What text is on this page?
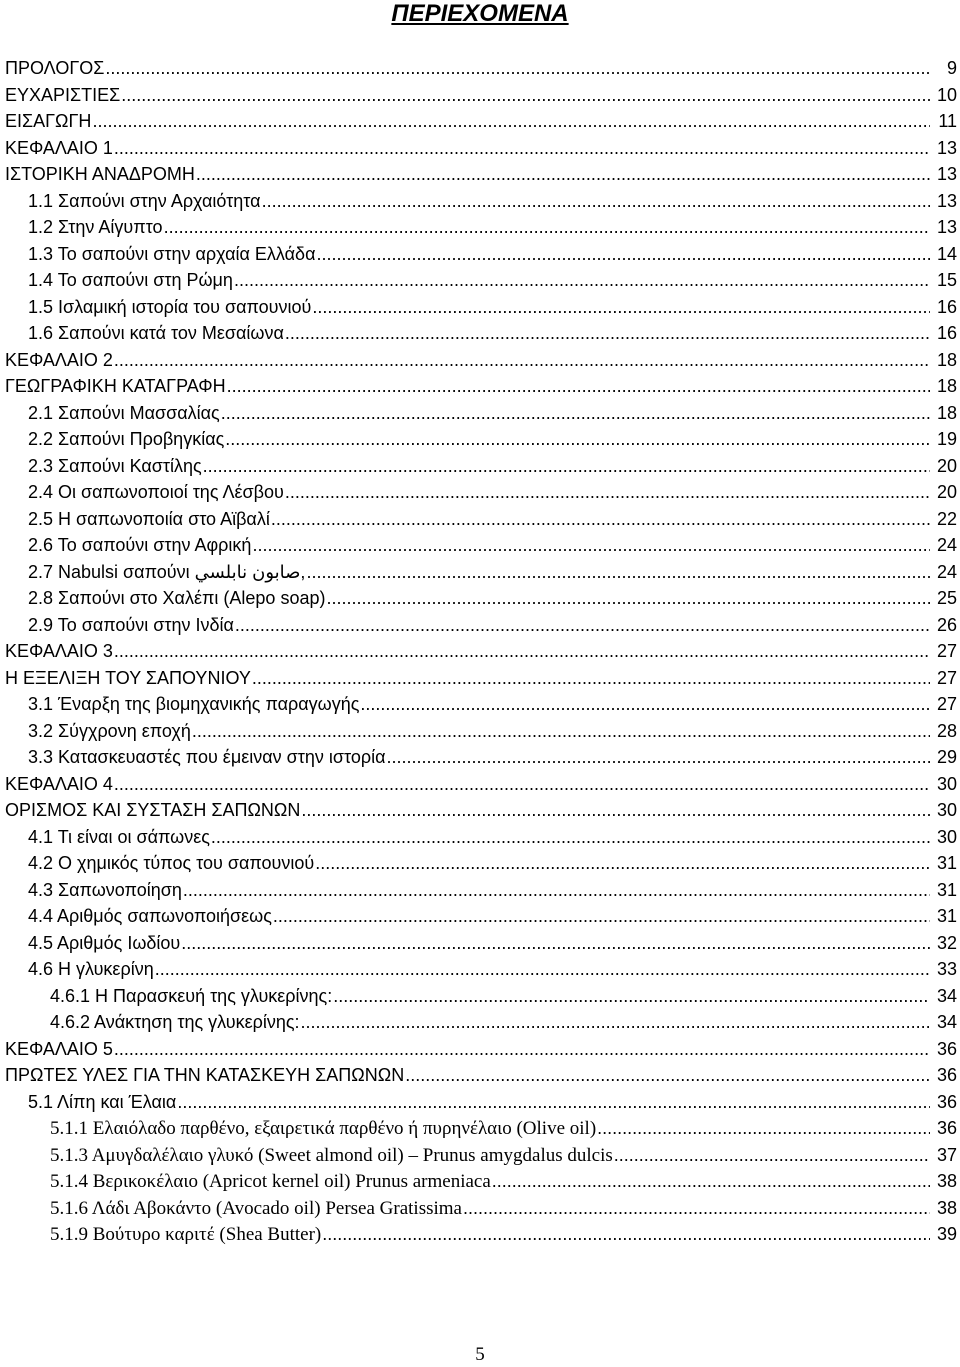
ΠΕΡΙΕΧΟΜΕΝΑ
ΠΡΟΛΟΓΟΣ .....	9
ΕΥΧΑΡΙΣΤΙΕΣ .....	10
ΕΙΣΑΓΩΓΗ .....	11
ΚΕΦΑΛΑΙΟ 1 .....	13
ΙΣΤΟΡΙΚΗ ΑΝΑΔΡΟΜΗ .....	13
1.1 Σαπούνι στην Αρχαιότητα .....	13
1.2 Στην Αίγυπτο .....	13
1.3 Το σαπούνι στην αρχαία Ελλάδα .....	14
1.4 Το σαπούνι στη Ρώμη .....	15
1.5 Ισλαμική ιστορία του σαπουνιού .....	16
1.6 Σαπούνι κατά τον Μεσαίωνα .....	16
ΚΕΦΑΛΑΙΟ 2 .....	18
ΓΕΩΓΡΑΦΙΚΗ ΚΑΤΑΓΡΑΦΗ .....	18
2.1 Σαπούνι Μασσαλίας .....	18
2.2 Σαπούνι Προβηγκίας .....	19
2.3 Σαπούνι Καστίλης .....	20
2.4 Οι σαπωνοποιοί της Λέσβου .....	20
2.5 Η σαπωνοποιία στο Αϊβαλί .....	22
2.6 Το σαπούνι στην Αφρική .....	24
2.7 Nabulsi σαπούνι صابون نابلسي, .....	24
2.8 Σαπούνι στο Χαλέπι (Alepo soap) .....	25
2.9 Το σαπούνι στην Ινδία .....	26
ΚΕΦΑΛΑΙΟ 3 .....	27
Η ΕΞΕΛΙΞΗ ΤΟΥ ΣΑΠΟΥΝΙΟΥ .....	27
3.1 Έναρξη της βιομηχανικής παραγωγής .....	27
3.2 Σύγχρονη εποχή .....	28
3.3 Κατασκευαστές που έμειναν στην ιστορία .....	29
ΚΕΦΑΛΑΙΟ 4 .....	30
ΟΡΙΣΜΟΣ ΚΑΙ ΣΥΣΤΑΣΗ ΣΑΠΩΝΩΝ .....	30
4.1 Τι είναι οι σάπωνες .....	30
4.2 Ο χημικός τύπος του σαπουνιού .....	31
4.3 Σαπωνοποίηση .....	31
4.4 Αριθμός σαπωνοποιήσεως .....	31
4.5 Αριθμός Ιωδίου .....	32
4.6 Η γλυκερίνη .....	33
4.6.1 Η Παρασκευή της γλυκερίνης: .....	34
4.6.2 Ανάκτηση της γλυκερίνης: .....	34
ΚΕΦΑΛΑΙΟ 5 .....	36
ΠΡΩΤΕΣ ΥΛΕΣ ΓΙΑ ΤΗΝ ΚΑΤΑΣΚΕΥΗ ΣΑΠΩΝΩΝ .....	36
5.1 Λίπη και Έλαια .....	36
5.1.1 Ελαιόλαδο παρθένο, εξαιρετικά παρθένο ή πυρηνέλαιο (Olive oil) .....	36
5.1.3 Αμυγδαλέλαιο γλυκό (Sweet almond oil) – Prunus amygdalus dulcis .....	37
5.1.4 Βερικοκέλαιο (Apricot kernel oil) Prunus armeniaca .....	38
5.1.6 Λάδι Αβοκάντο (Avocado oil) Persea Gratissima .....	38
5.1.9 Βούτυρο καριτέ (Shea Butter) .....	39
5
